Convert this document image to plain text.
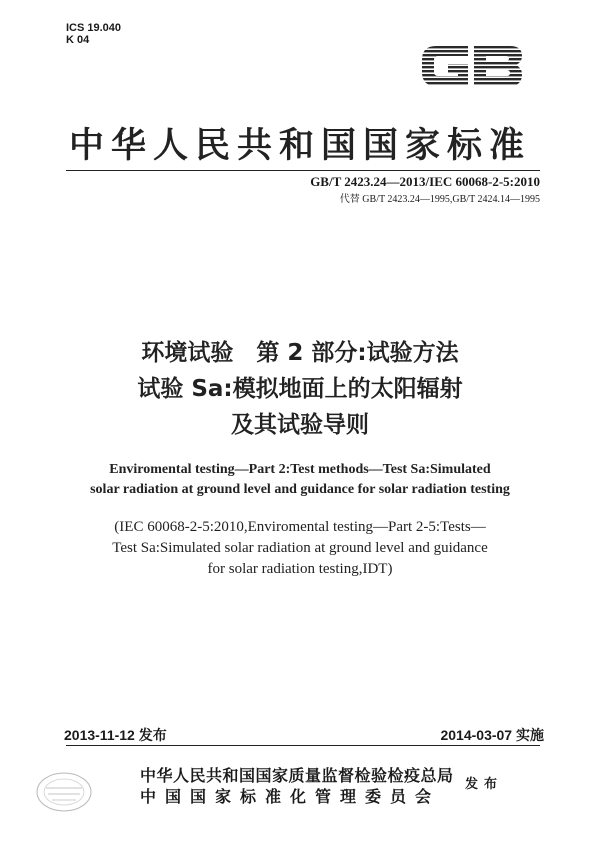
ICS 19.040
K 04
中华人民共和国国家标准
GB/T 2423.24—2013/IEC 60068-2-5:2010
代替 GB/T 2423.24—1995,GB/T 2424.14—1995
环境试验　第 2 部分:试验方法
试验 Sa:模拟地面上的太阳辐射
及其试验导则
Enviromental testing—Part 2:Test methods—Test Sa:Simulated
solar radiation at ground level and guidance for solar radiation testing
(IEC 60068-2-5:2010,Enviromental testing—Part 2-5:Tests—
Test Sa:Simulated solar radiation at ground level and guidance
for solar radiation testing,IDT)
2013-11-12 发布	2014-03-07 实施
中华人民共和国国家质量监督检验检疫总局
中国国家标准化管理委员会
发布
